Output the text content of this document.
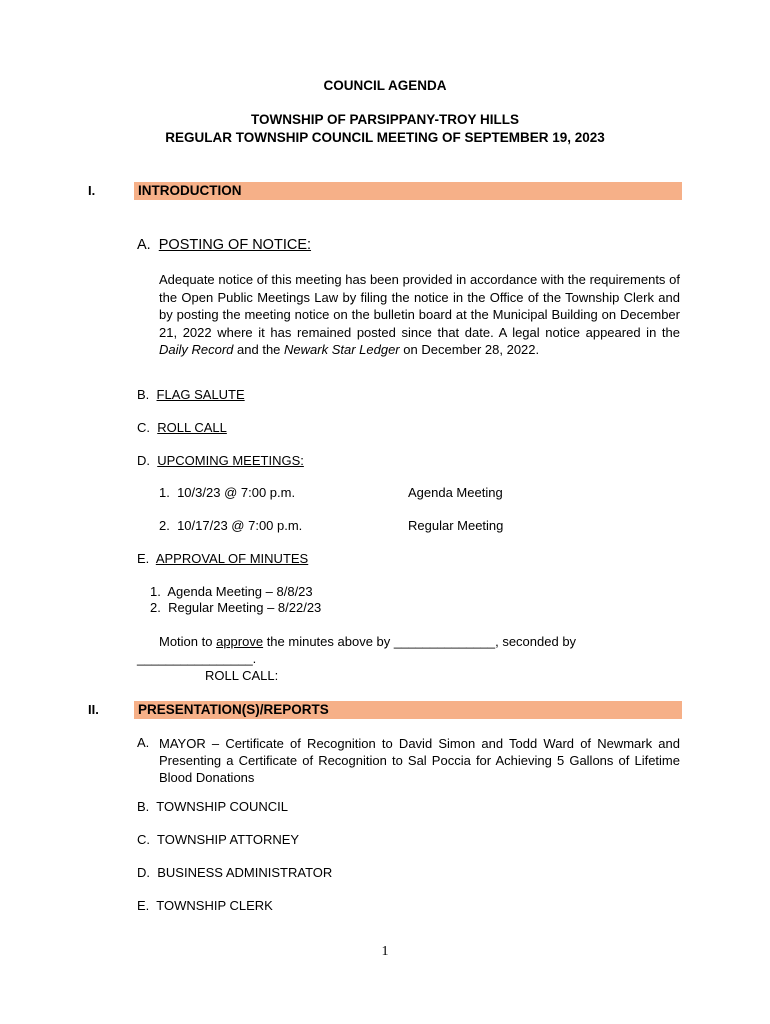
COUNCIL AGENDA
TOWNSHIP OF PARSIPPANY-TROY HILLS
REGULAR TOWNSHIP COUNCIL MEETING OF SEPTEMBER 19, 2023
I.	INTRODUCTION
A. POSTING OF NOTICE:
Adequate notice of this meeting has been provided in accordance with the requirements of the Open Public Meetings Law by filing the notice in the Office of the Township Clerk and by posting the meeting notice on the bulletin board at the Municipal Building on December 21, 2022 where it has remained posted since that date. A legal notice appeared in the Daily Record and the Newark Star Ledger on December 28, 2022.
B. FLAG SALUTE
C. ROLL CALL
D. UPCOMING MEETINGS:
1. 10/3/23 @ 7:00 p.m.	Agenda Meeting
2. 10/17/23 @ 7:00 p.m.	Regular Meeting
E. APPROVAL OF MINUTES
1. Agenda Meeting – 8/8/23
2. Regular Meeting – 8/22/23
Motion to approve the minutes above by ______________, seconded by
________________.
ROLL CALL:
II.	PRESENTATION(S)/REPORTS
A. MAYOR – Certificate of Recognition to David Simon and Todd Ward of Newmark and Presenting a Certificate of Recognition to Sal Poccia for Achieving 5 Gallons of Lifetime Blood Donations
B. TOWNSHIP COUNCIL
C. TOWNSHIP ATTORNEY
D. BUSINESS ADMINISTRATOR
E. TOWNSHIP CLERK
1
